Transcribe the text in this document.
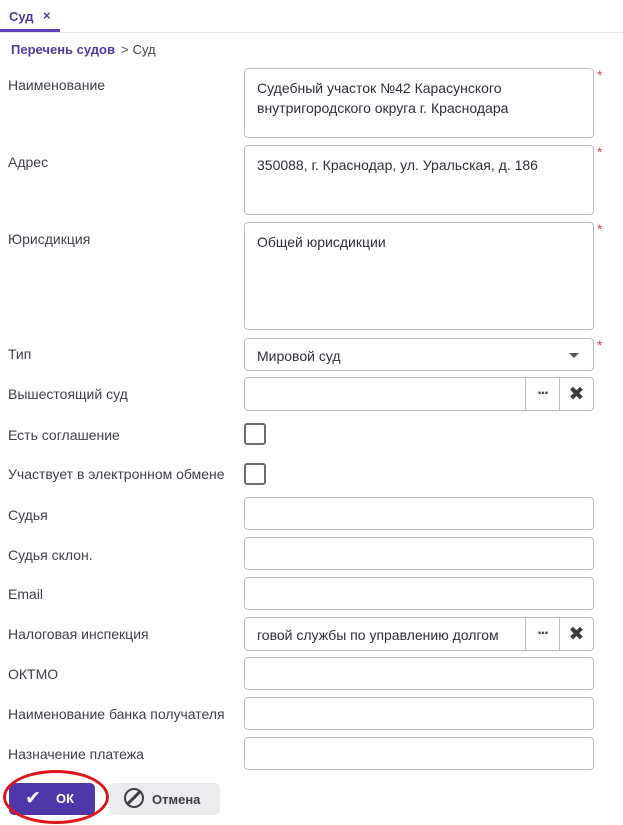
Суд ×
Перечень судов > Суд
Наименование	Судебный участок №42 Карасунского внутригородского округа г. Краснодара
*
Адрес	350088, г. Краснодар, ул. Уральская, д. 186
*
Юрисдикция	Общей юрисдикции
*
Тип	Мировой суд
*
Вышестоящий суд	... ✖
Есть соглашение
Участвует в электронном обмене
Судья
Судья склон.
Email
Налоговая инспекция	говой службы по управлению долгом	... ✖
ОКТМО
Наименование банка получателя
Назначение платежа
✔ ОК	Отмена
